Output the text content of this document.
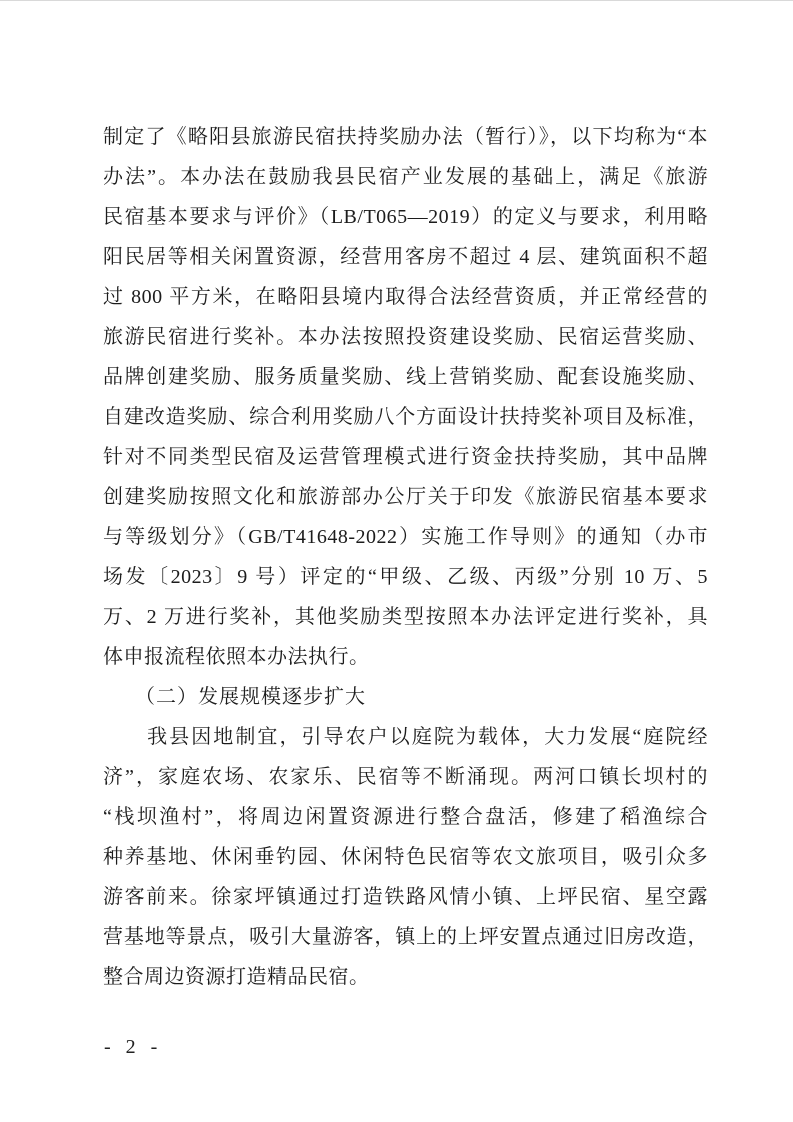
制定了《略阳县旅游民宿扶持奖励办法（暂行）》，以下均称为“本
办法”。本办法在鼓励我县民宿产业发展的基础上，满足《旅游
民宿基本要求与评价》（LB/T065—2019）的定义与要求，利用略
阳民居等相关闲置资源，经营用客房不超过 4 层、建筑面积不超
过 800 平方米，在略阳县境内取得合法经营资质，并正常经营的
旅游民宿进行奖补。本办法按照投资建设奖励、民宿运营奖励、
品牌创建奖励、服务质量奖励、线上营销奖励、配套设施奖励、
自建改造奖励、综合利用奖励八个方面设计扶持奖补项目及标准，
针对不同类型民宿及运营管理模式进行资金扶持奖励，其中品牌
创建奖励按照文化和旅游部办公厅关于印发《旅游民宿基本要求
与等级划分》（GB/T41648-2022）实施工作导则》的通知（办市
场发〔2023〕9 号）评定的“甲级、乙级、丙级”分别 10 万、5
万、2 万进行奖补，其他奖励类型按照本办法评定进行奖补，具
体申报流程依照本办法执行。
　　（二）发展规模逐步扩大
　　我县因地制宜，引导农户以庭院为载体，大力发展“庭院经
济”，家庭农场、农家乐、民宿等不断涌现。两河口镇长坝村的
“栈坝渔村”，将周边闲置资源进行整合盘活，修建了稻渔综合
种养基地、休闲垂钓园、休闲特色民宿等农文旅项目，吸引众多
游客前来。徐家坪镇通过打造铁路风情小镇、上坪民宿、星空露
营基地等景点，吸引大量游客，镇上的上坪安置点通过旧房改造，
整合周边资源打造精品民宿。
- 2 -
